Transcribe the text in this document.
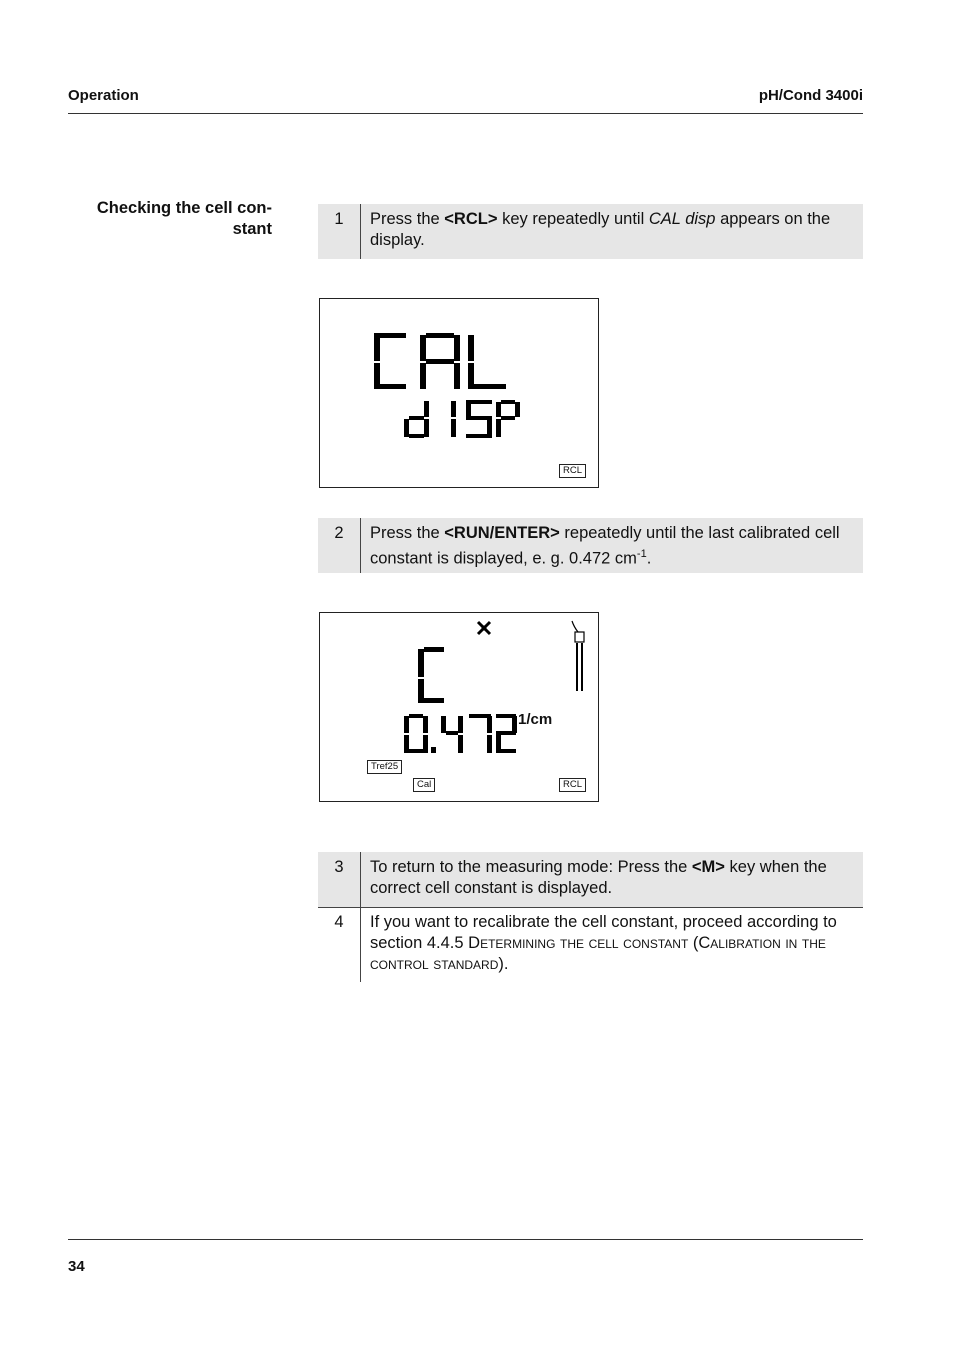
Operation	pH/Cond 3400i
Checking the cell con-
stant
1	Press the <RCL> key repeatedly until CAL disp appears on the display.
RCL
2	Press the <RUN/ENTER> repeatedly until the last calibrated cell constant is displayed, e. g. 0.472 $cm^{-1}$.
1/cm
Tref25
Cal	RCL
3	To return to the measuring mode: Press the <M> key when the correct cell constant is displayed.
4	If you want to recalibrate the cell constant, proceed according to section 4.4.5 Determining the cell constant (Calibration in the control standard).
34
